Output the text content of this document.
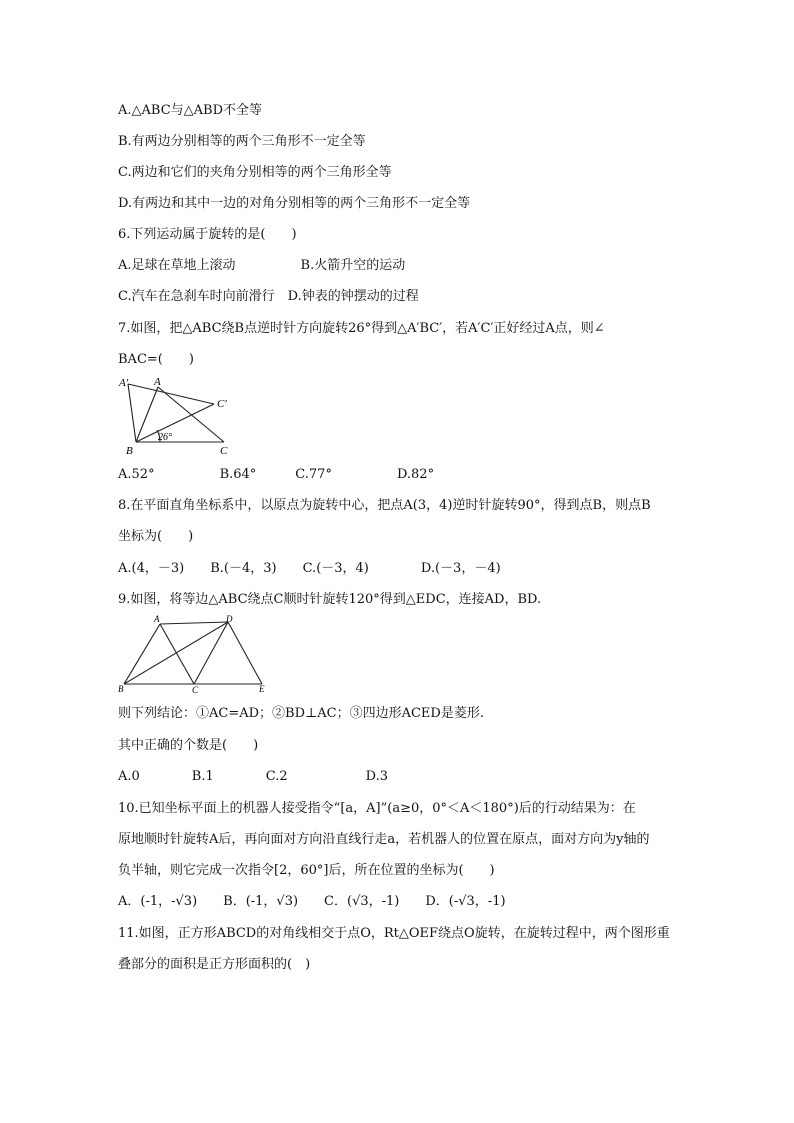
A.△ABC与△ABD不全等
B.有两边分别相等的两个三角形不一定全等
C.两边和它们的夹角分别相等的两个三角形全等
D.有两边和其中一边的对角分别相等的两个三角形不一定全等
6.下列运动属于旋转的是(　　)
A.足球在草地上滚动　　　　　B.火箭升空的运动
C.汽车在急刹车时向前滑行　D.钟表的钟摆动的过程
7.如图，把△ABC绕B点逆时针方向旋转26°得到△A′BC′，若A′C′正好经过A点，则∠
BAC=(　　)
A′ A
C′
B	C
26°
A.52°　　　　　B.64°　　　C.77°　　　　　D.82°
8.在平面直角坐标系中，以原点为旋转中心，把点A(3，4)逆时针旋转90°，得到点B，则点B
坐标为(　　)
A.(4，－3)　　B.(－4，3)　　C.(－3，4)　　　　D.(－3，－4)
9.如图，将等边△ABC绕点C顺时针旋转120°得到△EDC，连接AD，BD.
A	D
B	C	E
则下列结论：①AC=AD；②BD⊥AC；③四边形ACED是菱形.
其中正确的个数是(　　)
A.0　　　　B.1　　　　C.2　　　　　　D.3
10.已知坐标平面上的机器人接受指令“[a，A]”(a≥0，0°＜A＜180°)后的行动结果为：在
原地顺时针旋转A后，再向面对方向沿直线行走a，若机器人的位置在原点，面对方向为y轴的
负半轴，则它完成一次指令[2，60°]后，所在位置的坐标为(　　)
A．(-1，-√3)　　B．(-1，√3)　　C．(√3，-1)　　D．(-√3，-1)
11.如图，正方形ABCD的对角线相交于点O，Rt△OEF绕点O旋转，在旋转过程中，两个图形重
叠部分的面积是正方形面积的(　)
